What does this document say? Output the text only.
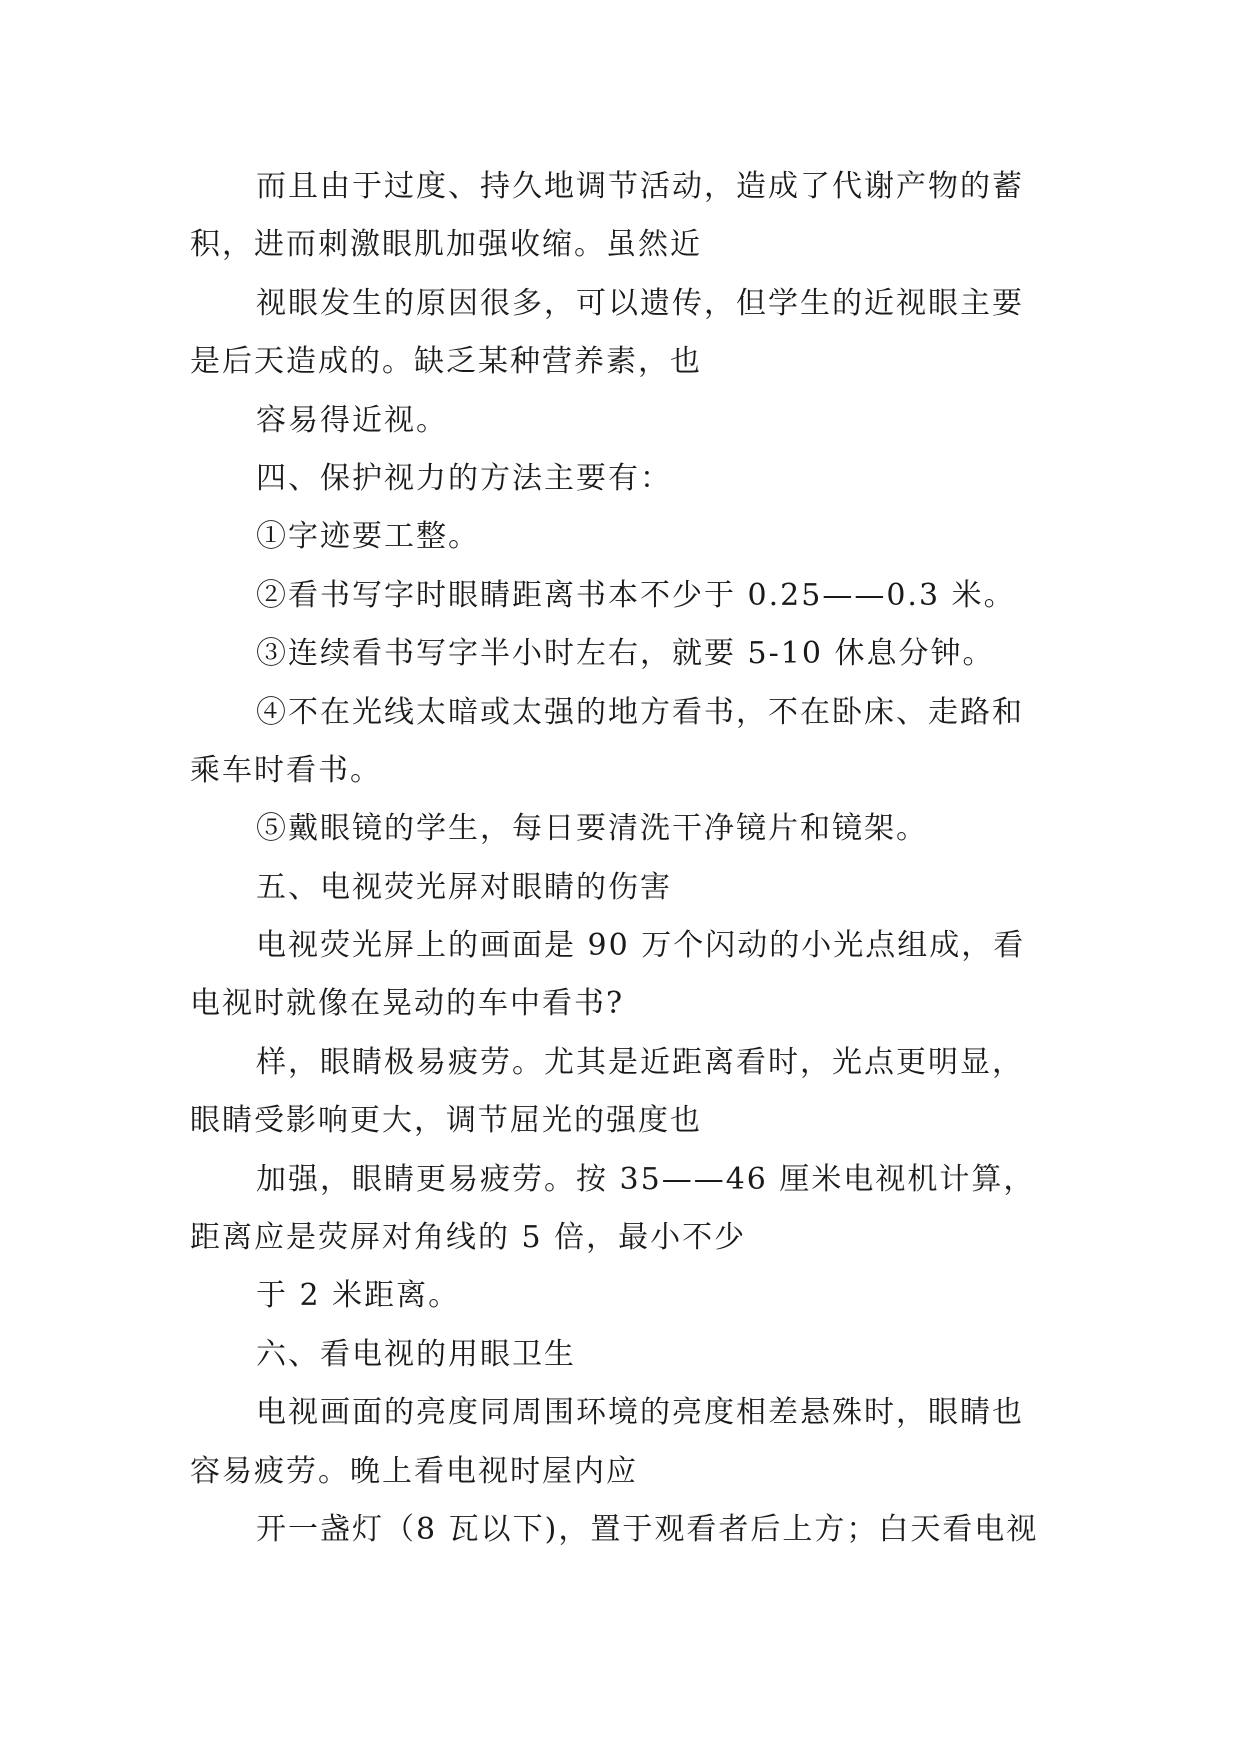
而且由于过度、持久地调节活动，造成了代谢产物的蓄

积，进而刺激眼肌加强收缩。虽然近

视眼发生的原因很多，可以遗传，但学生的近视眼主要

是后天造成的。缺乏某种营养素，也

容易得近视。

四、保护视力的方法主要有：

①字迹要工整。

②看书写字时眼睛距离书本不少于 0.25——0.3 米。

③连续看书写字半小时左右，就要 5-10 休息分钟。

④不在光线太暗或太强的地方看书，不在卧床、走路和

乘车时看书。

⑤戴眼镜的学生，每日要清洗干净镜片和镜架。

五、电视荧光屏对眼睛的伤害

电视荧光屏上的画面是 90 万个闪动的小光点组成，看

电视时就像在晃动的车中看书?

样，眼睛极易疲劳。尤其是近距离看时，光点更明显，

眼睛受影响更大，调节屈光的强度也

加强，眼睛更易疲劳。按 35——46 厘米电视机计算，

距离应是荧屏对角线的 5 倍，最小不少

于 2 米距离。

六、看电视的用眼卫生

电视画面的亮度同周围环境的亮度相差悬殊时，眼睛也

容易疲劳。晚上看电视时屋内应

开一盏灯（8 瓦以下)，置于观看者后上方；白天看电视
